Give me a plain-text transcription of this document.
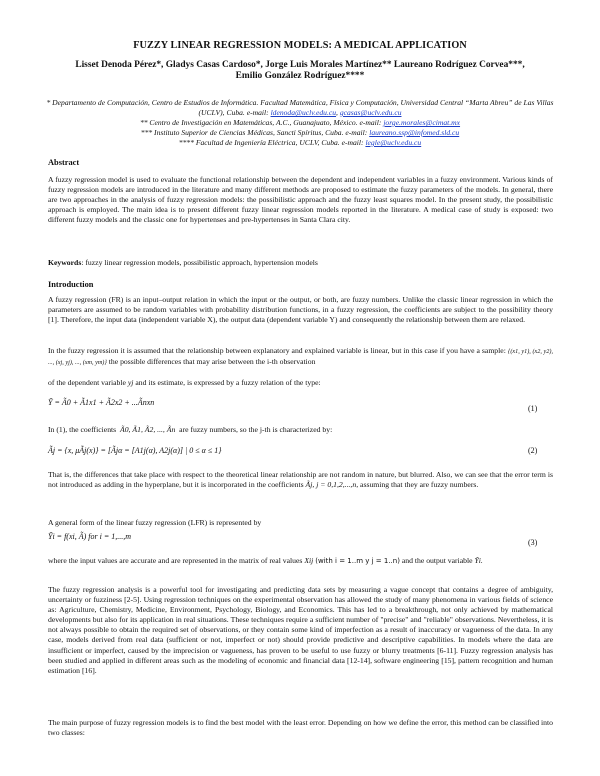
FUZZY LINEAR REGRESSION MODELS: A MEDICAL APPLICATION
Lisset Denoda Pérez*, Gladys Casas Cardoso*, Jorge Luis Morales Martínez** Laureano Rodríguez Corvea***,
Emilio González Rodríguez****
* Departamento de Computación, Centro de Estudios de Informática. Facultad Matemática, Física y Computación, Universidad Central “Marta Abreu” de Las Villas (UCLV), Cuba. e-mail: ldenoda@uclv.edu.cu, gcasas@uclv.edu.cu
** Centro de Investigación en Matemáticas, A.C., Guanajuato, México. e-mail: jorge.morales@cimat.mx
*** Instituto Superior de Ciencias Médicas, Sancti Spíritus, Cuba. e-mail: laureano.ssp@infomed.sld.cu
**** Facultad de Ingeniería Eléctrica, UCLV, Cuba. e-mail: legle@uclv.edu.cu
Abstract
A fuzzy regression model is used to evaluate the functional relationship between the dependent and independent variables in a fuzzy environment. Various kinds of fuzzy regression models are introduced in the literature and many different methods are proposed to estimate the fuzzy parameters of the models. In general, there are two approaches in the analysis of fuzzy regression models: the possibilistic approach and the fuzzy least squares model. In the present study, the possibilistic approach is employed. The main idea is to present different fuzzy linear regression models reported in the literature. A medical case of study is exposed: two different fuzzy models and the classic one for hypertenses and pre-hypertenses in Santa Clara city.
Keywords: fuzzy linear regression models, possibilistic approach, hypertension models
Introduction
A fuzzy regression (FR) is an input–output relation in which the input or the output, or both, are fuzzy numbers. Unlike the classic linear regression in which the parameters are assumed to be random variables with probability distribution functions, in a fuzzy regression, the coefficients are subject to the possibility theory [1]. Therefore, the input data (independent variable X), the output data (dependent variable Y) and consequently the relationship between them are relaxed.
In the fuzzy regression it is assumed that the relationship between explanatory and explained variable is linear, but in this case if you have a sample: {(x1, y1), (x2, y2), ..., (xj, yj), ..., (xm, ym)} the possible differences that may arise between the i-th observation
of the dependent variable yj and its estimate, is expressed by a fuzzy relation of the type:
Ỹ = Ã0 + Ã1x1 + Ã2x2 + ...Ãnxn
(1)
In (1), the coefficients Ã0, Ã1, Ã2, ..., Ãn are fuzzy numbers, so the j-th is characterized by:
Ãj = {x, μÃj(x)} = [Ãjα = [A1j(α), A2j(α)] | 0 ≤ α ≤ 1}	(2)
That is, the differences that take place with respect to the theoretical linear relationship are not random in nature, but blurred. Also, we can see that the error term is not introduced as adding in the hyperplane, but it is incorporated in the coefficients Ãj, j = 0,1,2,...,n, assuming that they are fuzzy numbers.
A general form of the linear fuzzy regression (LFR) is represented by
Ỹi = f(xi, Ã) for i = 1,...,m
(3)
where the input values are accurate and are represented in the matrix of real values Xij (with i = 1..m y j = 1..n) and the output variable Ỹi.
The fuzzy regression analysis is a powerful tool for investigating and predicting data sets by measuring a vague concept that contains a degree of ambiguity, uncertainty or fuzziness [2-5]. Using regression techniques on the experimental observation has allowed the study of many phenomena in various fields of science as: Agriculture, Chemistry, Medicine, Environment, Psychology, Biology, and Economics. This has led to a breakthrough, not only achieved by mathematical developments but also for its application in real situations. These techniques require a sufficient number of "precise" and "reliable" observations. Nevertheless, it is not always possible to obtain the required set of observations, or they contain some kind of imperfection as a result of inaccuracy or vagueness of the data. In any case, models derived from real data (sufficient or not, imperfect or not) should provide predictive and descriptive capabilities. In models where the data are insufficient or imperfect, caused by the imprecision or vagueness, has proven to be useful to use fuzzy or blurry treatments [6-11]. Fuzzy regression analysis has been studied and applied in different areas such as the modeling of economic and financial data [12-14], software engineering [15], pattern recognition and human estimation [16].
The main purpose of fuzzy regression models is to find the best model with the least error. Depending on how we define the error, this method can be classified into two classes:
